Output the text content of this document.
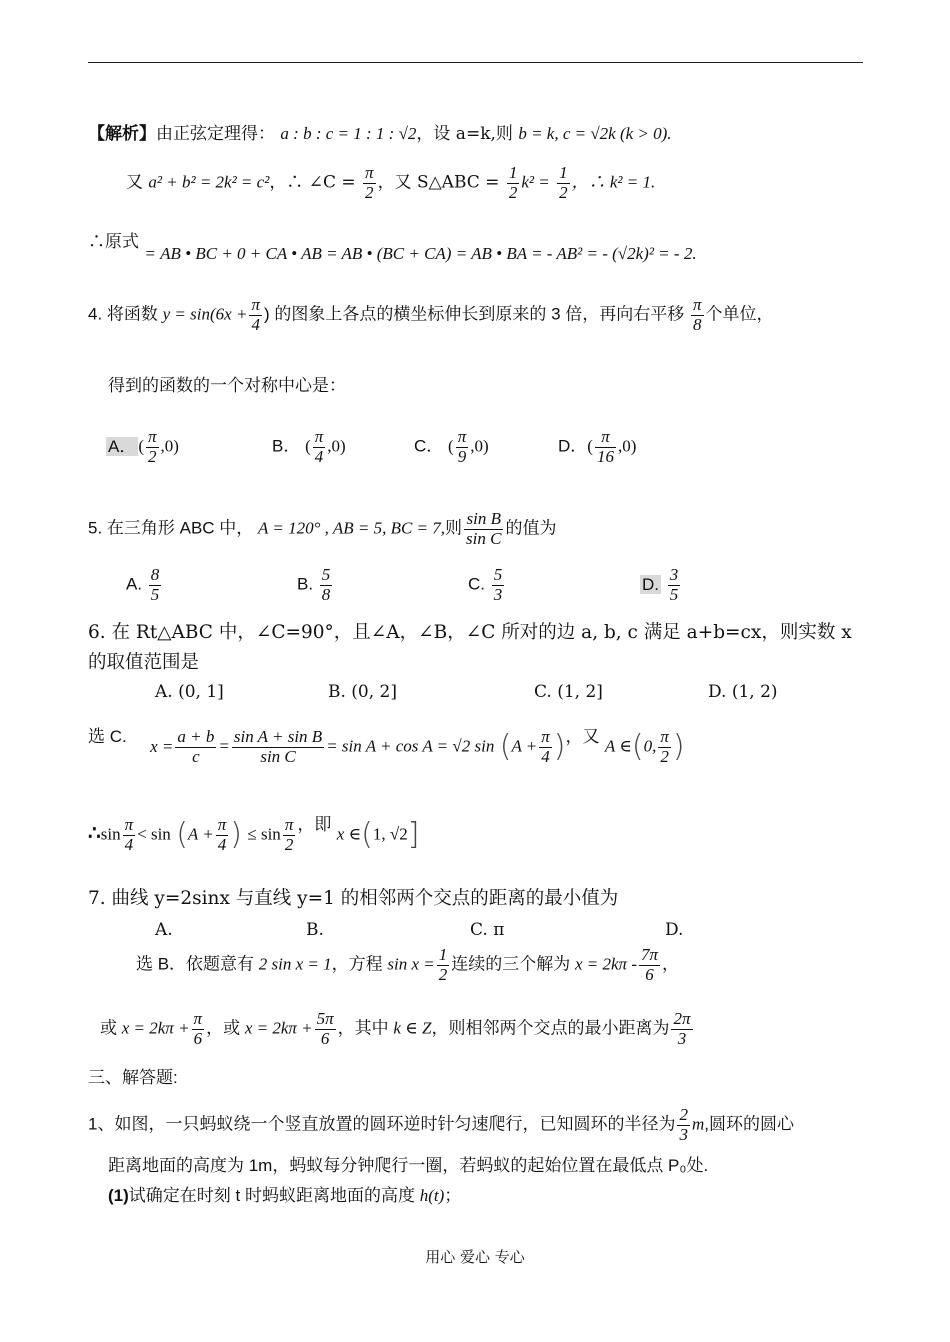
【解析】由正弦定理得： a : b : c = 1 : 1 : √2，设 a=k,则 b = k, c = √2k (k > 0).
又 a² + b² = 2k² = c²，∴ ∠C = $\frac{\pi}{2}$ ，又 S△ABC = $\frac{1}{2} k^2 = \frac{1}{2}$ ，∴ k² = 1.
∴原式 = AB • BC + 0 + CA • AB = AB • (BC + CA) = AB • BA = - AB² = - (√2k)² = - 2.
4. 将函数 $y = \sin(6x + \frac{\pi}{4}$ ) 的图象上各点的横坐标伸长到原来的 3 倍，再向右平移 $\frac{\pi}{8}$ 个单位，
得到的函数的一个对称中心是：
A． ( $\frac{\pi}{2} ,0$)	B． ( $\frac{\pi}{4} ,0$)	C． ( $\frac{\pi}{9} ,0$)	D．( $\frac{\pi}{16} ,0$)
5. 在三角形 ABC 中， A = 120° , AB = 5, BC = 7,则 $\frac{\text{sin B}}{\text{sin C}}$ 的值为
A. $\frac{8}{5}$	B. $\frac{5}{8}$	C. $\frac{5}{3}$	D. $\frac{3}{5}$
6. 在 Rt△ABC 中，∠C=90°，且∠A，∠B，∠C 所对的边 a, b, c 满足 a+b=cx，则实数 x
的取值范围是
A. (0, 1]	B. (0, 2]	C. (1, 2]	D. (1, 2)
选 C. $x = \frac{a + b}{c} = \frac{\text{sin A + sin B}}{\text{sin C}} = \sin A + \cos A = √2$ $\sin (A + \frac{\pi}{4}$ )，又 A ∈(0, $\frac{\pi}{2}$ )
∴sin $\frac{\pi}{4} < \sin (A + \frac{\pi}{4}$ ) ≤ $\sin \frac{\pi}{2}$ ，即 x ∈(1, √2]
7. 曲线 y=2sinx 与直线 y=1 的相邻两个交点的距离的最小值为
A.	B.	C. π	D.
选 B．依题意有 2 sin x = 1，方程 $\sin x = \frac{1}{2}$ 连续的三个解为 $x = 2k\pi - \frac{7\pi}{6}$ ，
或 $x = 2k\pi + \frac{\pi}{6}$ ，或 $x = 2k\pi + \frac{5\pi}{6}$ ，其中 k ∈ Z，则相邻两个交点的最小距离为 $\frac{2\pi}{3}$
三、解答题:
1、如图，一只蚂蚁绕一个竖直放置的圆环逆时针匀速爬行，已知圆环的半径为 $\frac{2}{3} m$,圆环的圆心
距离地面的高度为 1m，蚂蚁每分钟爬行一圈，若蚂蚁的起始位置在最低点 P₀处.
(1)试确定在时刻 t 时蚂蚁距离地面的高度 h(t)；
用心 爱心 专心
